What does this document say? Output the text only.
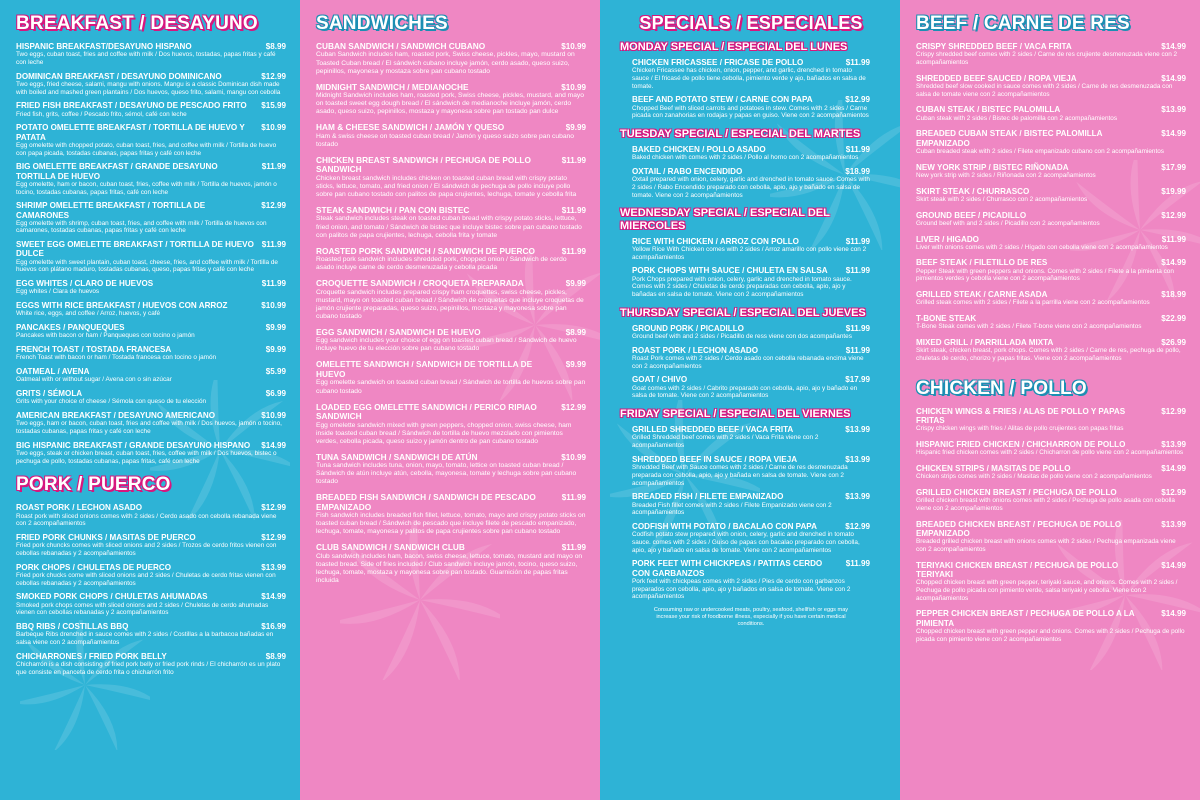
BREAKFAST / DESAYUNO
HISPANIC BREAKFAST/DESAYUNO HISPANO	$8.99
Two eggs, cuban toast, fries and coffee with milk / Dos huevos, tostadas, papas fritas y café con leche
DOMINICAN BREAKFAST / DESAYUNO DOMINICANO	$12.99
Two eggs, fried cheese, salami, mangu with onions. Mangu is a classic Dominican dish made with boiled and mashed green plantains / Dos huevos, queso frito, salami, mangu con cebolla
FRIED FISH BREAKFAST / DESAYUNO DE PESCADO FRITO	$15.99
Fried fish, grits, coffee / Pescado frito, sémol, café con leche
POTATO OMELETTE BREAKFAST / TORTILLA DE HUEVO Y PATATA
$10.99
Egg omelette with chopped potato, cuban toast, fries, and coffee with milk / Tortilla de huevo con papa picada, tostadas cubanas, papas fritas y café con leche
BIG OMELETTE BREAKFAST / GRANDE DESAYUNO TORTILLA DE HUEVO
$11.99
Egg omelette, ham or bacon, cuban toast, fries, coffee with milk / Tortilla de huevos, jamón o tocino, tostadas cubanas, papas fritas, café con leche
SHRIMP OMELETTE BREAKFAST / TORTILLA DE CAMARONES
$12.99
Egg omelette with shrimp, cuban toast, fries, and coffee with milk / Tortilla de huevos con camarones, tostadas cubanas, papas fritas y café con leche
SWEET EGG OMELETTE BREAKFAST / TORTILLA DE HUEVO DULCE
$11.99
Egg omelette with sweet plantain, cuban toast, cheese, fries, and coffee with milk / Tortilla de huevos con plátano maduro, tostadas cubanas, queso, papas fritas y café con leche
EGG WHITES / CLARO DE HUEVOS	$11.99
Egg whites / Clara de huevos
EGGS WITH RICE BREAKFAST / HUEVOS CON ARROZ	$10.99
White rice, eggs, and coffee / Arroz, huevos, y café
PANCAKES / PANQUEQUES	$9.99
Pancakes with bacon or ham / Panqueques con tocino o jamón
FRENCH TOAST / TOSTADA FRANCESA	$9.99
French Toast with bacon or ham / Tostada francesa con tocino o jamón
OATMEAL / AVENA	$5.99
Oatmeal with or without sugar / Avena con o sin azúcar
GRITS / SÉMOLA	$6.99
Grits with your choice of cheese / Sémola con queso de tu elección
AMERICAN BREAKFAST / DESAYUNO AMERICANO	$10.99
Two eggs, ham or bacon, cuban toast, fries and coffee with milk / Dos huevos, jamón o tocino, tostadas cubanas, papas fritas y café con leche
BIG HISPANIC BREAKFAST / GRANDE DESAYUNO HISPANO	$14.99
Two eggs, steak or chicken breast, cuban toast, fries, coffee with milk / Dos huevos, bistec o pechuga de pollo, tostadas cubanas, papas fritas, café con leche
PORK / PUERCO
ROAST PORK / LECHON ASADO	$12.99
Roast pork with sliced onions comes with 2 sides / Cerdo asado con cebolla rebanada viene con 2 acompañamientos
FRIED PORK CHUNKS / MASITAS DE PUERCO	$12.99
Fried pork chuncks comes with sliced onions and 2 sides / Trozos de cerdo fritos vienen con cebollas rebanadas y 2 acompañamientos
PORK CHOPS / CHULETAS DE PUERCO	$13.99
Fried pork chucks come with sliced onions and 2 sides / Chuletas de cerdo fritas vienen con cebollas rebanadas y 2 acompañamientos
SMOKED PORK CHOPS / CHULETAS AHUMADAS	$14.99
Smoked pork chops comes with sliced onions and 2 sides / Chuletas de cerdo ahumadas vienen con cebollas rebanadas y 2 acompañamientos
BBQ RIBS / COSTILLAS BBQ	$16.99
Barbeque Ribs drenched in sauce comes with 2 sides / Costillas a la barbacoa bañadas en salsa viene con 2 acompañamientos
CHICHARRONES / FRIED PORK BELLY	$8.99
Chicharrón is a dish consisting of fried pork belly or fried pork rinds / El chicharrón es un plato que consiste en panceta de cerdo frita o chicharrón frito
SANDWICHES
CUBAN SANDWICH / SANDWICH CUBANO	$10.99
Cuban Sandwich includes ham, roasted pork, Swiss cheese, pickles, mayo, mustard on Toasted Cuban bread / El sándwich cubano incluye jamón, cerdo asado, queso suizo, pepinillos, mayonesa y mostaza sobre pan cubano tostado
MIDNIGHT SANDWICH / MEDIANOCHE	$10.99
Midnight Sandwich includes ham, roasted pork, Swiss cheese, pickles, mustard, and mayo on toasted sweet egg dough bread / El sándwich de medianoche incluye jamón, cerdo asado, queso suizo, pepinillos, mostaza y mayonesa sobre pan tostado pan dulce
HAM & CHEESE SANDWICH / JAMÓN Y QUESO	$9.99
Ham & swiss cheese on toasted cuban bread / Jamón y queso suizo sobre pan cubano tostado
CHICKEN BREAST SANDWICH / PECHUGA DE POLLO SANDWICH
$11.99
Chicken breast sandwich includes chicken on toasted cuban bread with crispy potato sticks, lettuce, tomato, and fried onion / El sándwich de pechuga de pollo incluye pollo sobre pan cubano tostado con palitos de papa crujientes, lechuga, tomate y cebolla frita
STEAK SANDWICH / PAN CON BISTEC	$11.99
Steak sandwich includes steak on toasted cuban bread with crispy potato sticks, lettuce, fried onion, and tomato / Sándwich de bistec que incluye bistec sobre pan cubano tostado con palitos de papa crujientes, lechuga, cebolla frita y tomate
ROASTED PORK SANDWICH / SANDWICH DE PUERCO	$11.99
Roasted pork sandwich includes shredded pork, chopped onion / Sándwich de cerdo asado incluye carne de cerdo desmenuzada y cebolla picada
CROQUETTE SANDWICH / CROQUETA PREPARADA	$9.99
Croquette sandwich includes prepared crispy ham croquettes, swiss cheese, pickles, mustard, mayo on toasted cuban bread / Sándwich de croquetas que incluye croquetas de jamón crujiente preparadas, queso suizo, pepinillos, mostaza y mayonesa sobre pan cubano tostado
EGG SANDWICH / SANDWICH DE HUEVO	$8.99
Egg sandwich includes your choice of egg on toasted cuban bread / Sándwich de huevo incluye huevo de tu elección sobre pan cubano tostado
OMELETTE SANDWICH / SANDWICH DE TORTILLA DE HUEVO
$9.99
Egg omelette sandwich on toasted cuban bread / Sándwich de tortilla de huevos sobre pan cubano tostado
LOADED EGG OMELETTE SANDWICH / PERICO RIPIAO SANDWICH
$12.99
Egg omelette sandwich mixed with green peppers, chopped onion, swiss cheese, ham inside toasted cuban bread / Sándwich de tortilla de huevo mezclado con pimientos verdes, cebolla picada, queso suizo y jamón dentro de pan cubano tostado
TUNA SANDWICH / SANDWICH DE ATÚN	$10.99
Tuna sandwich includes tuna, onion, mayo, tomato, lettice on toasted cuban bread / Sándwich de atún incluye atún, cebolla, mayonesa, tomate y lechuga sobre pan cubano tostado
BREADED FISH SANDWICH / SANDWICH DE PESCADO EMPANIZADO
$11.99
Fish sandwich includes breaded fish fillet, lettuce, tomato, mayo and crispy potato sticks on toasted cuban bread / Sándwich de pescado que incluye filete de pescado empanizado, lechuga, tomate, mayonesa y palitos de papa crujientes sobre pan cubano tostado
CLUB SANDWICH / SANDWICH CLUB	$11.99
Club sandwich includes ham, bacon, swiss cheese, lettuce, tomato, mustard and mayo on toasted bread. Side of fries included / Club sandwich incluye jamón, tocino, queso suizo, lechuga, tomate, mostaza y mayonesa sobre pan tostado. Guarnición de papas fritas incluida
SPECIALS / ESPECIALES
MONDAY SPECIAL / ESPECIAL DEL LUNES
CHICKEN FRICASSEE / FRICASE DE POLLO	$11.99
Chicken Fricassee has chicken, onion, pepper, and garlic, drenched in tomato sauce / El fricasé de pollo tiene cebolla, pimiento verde y ajo, bañados en salsa de tomate.
BEEF AND POTATO STEW / CARNE CON PAPA	$12.99
Chopped Beef with sliced carrots and potatoes in stew. Comes with 2 sides / Carne picada con zanahorias en rodajas y papas en guiso. Viene con 2 acompañamientos
TUESDAY SPECIAL / ESPECIAL DEL MARTES
BAKED CHICKEN / POLLO ASADO	$11.99
Baked chicken with comes with 2 sides / Pollo al horno con 2 acompañamientos
OXTAIL / RABO ENCENDIDO	$18.99
Oxtail prepared with onion, celery, garlic and drenched in tomato sauce. Comes with 2 sides / Rabo Encendido preparado con cebolla, apio, ajo y bañado en salsa de tomate. Viene con 2 acompañamientos
WEDNESDAY SPECIAL / ESPECIAL DEL MIERCOLES
RICE WITH CHICKEN / ARROZ CON POLLO	$11.99
Yellow Rice With Chicken comes with 2 sides / Arroz amarillo con pollo viene con 2 acompañamientos
PORK CHOPS WITH SAUCE / CHULETA EN SALSA	$11.99
Pork Chops prepared with onion, celery, garlic and drenched in tomato sauce. Comes with 2 sides / Chuletas de cerdo preparadas con cebolla, apio, ajo y bañadas en salsa de tomate. Viene con 2 acompañamientos
THURSDAY SPECIAL / ESPECIAL DEL JUEVES
GROUND PORK / PICADILLO	$11.99
Ground beef with and 2 sides / Picadillo de ress viene con dos acompañantes
ROAST PORK / LECHON ASADO	$11.99
Roast Pork comes with 2 sides / Cerdo asado con cebolla rebanada encima viene con 2 acompañamientos
GOAT / CHIVO	$17.99
Goat comes with 2 sides / Cabrito preparado con cebolla, apio, ajo y bañado en salsa de tomate. Viene con 2 acompañamientos
FRIDAY SPECIAL / ESPECIAL DEL VIERNES
GRILLED SHREDDED BEEF / VACA FRITA	$13.99
Grilled Shredded beef comes with 2 sides / Vaca Frita viene con 2 acompañamientos
SHREDDED BEEF IN SAUCE / ROPA VIEJA	$13.99
Shredded Beef with Sauce comes with 2 sides / Carne de res desmenuzada preparada con cebolla, apio, ajo y bañada en salsa de tomate. Viene con 2 acompañamientos
BREADED FISH / FILETE EMPANIZADO	$13.99
Breaded Fish fillet comes with 2 sides / Filete Empanizado viene con 2 acompañamientos
CODFISH WITH POTATO / BACALAO CON PAPA	$12.99
Codfish potato stew prepared with onion, celery, garlic and drenched in tomato sauce. comes with 2 sides / Guiso de papas con bacalao preparado con cebolla, apio, ajo y bañado en salsa de tomate. Viene con 2 acompañamientos
PORK FEET WITH CHICKPEAS / PATITAS CERDO CON GARBANZOS
$11.99
Pork feet with chickpeas comes with 2 sides / Pies de cerdo con garbanzos preparados con cebolla, apio, ajo y bañados en salsa de tomate. Viene con 2 acompañamientos
Consuming raw or undercooked meats, poultry, seafood, shellfish or eggs may increase your risk of foodborne illness, especially if you have certain medical conditions.
BEEF / CARNE DE RES
CRISPY SHREDDED BEEF / VACA FRITA	$14.99
Crispy shredded beef comes with 2 sides / Carne de res crujiente desmenuzada viene con 2 acompañamientos
SHREDDED BEEF SAUCED / ROPA VIEJA	$14.99
Shredded beef slow cooked in sauce comes with 2 sides / Carne de res desmenuzada con salsa de tomate viene con 2 acompañamientos
CUBAN STEAK / BISTEC PALOMILLA	$13.99
Cuban steak with 2 sides / Bistec de palomilla con 2 acompañamientos
BREADED CUBAN STEAK / BISTEC PALOMILLA EMPANIZADO
$14.99
Cuban breaded steak with 2 sides / Filete empanizado cubano con 2 acompañamientos
NEW YORK STRIP / BISTEC RIÑONADA	$17.99
New york strip with 2 sides / Riñonada con 2 acompañamientos
SKIRT STEAK / CHURRASCO	$19.99
Skirt steak with 2 sides / Churrasco con 2 acompañamientos
GROUND BEEF / PICADILLO	$12.99
Ground beef with and 2 sides / Picadillo con 2 acompañamientos
LIVER / HIGADO	$11.99
Liver with onions comes with 2 sides / Hígado con cebolla viene con 2 acompañamientos
BEEF STEAK / FILETILLO DE RES	$14.99
Pepper Steak with green peppers and onions. Comes with 2 sides / Filete a la pimienta con pimientos verdes y cebolla viene con 2 acompañamientos
GRILLED STEAK / CARNE ASADA	$18.99
Grilled steak comes with 2 sides / Filete a la parrilla viene con 2 acompañamientos
T-BONE STEAK	$22.99
T-Bone Steak comes with 2 sides / Filete T-bone viene con 2 acompañamientos
MIXED GRILL / PARRILLADA MIXTA	$26.99
Skirt steak, chicken breast, pork chops. Comes with 2 sides / Carne de res, pechuga de pollo, chuletas de cerdo, chorizo y papas fritas. Viene con 2 acompañamientos
CHICKEN / POLLO
CHICKEN WINGS & FRIES / ALAS DE POLLO Y PAPAS FRITAS
$12.99
Crispy chicken wings with fries / Alitas de pollo crujientes con papas fritas
HISPANIC FRIED CHICKEN / CHICHARRON DE POLLO	$13.99
Hispanic fried chicken comes with 2 sides / Chicharron de pollo viene con 2 acompañamientos
CHICKEN STRIPS / MASITAS DE POLLO	$14.99
Chicken strips comes with 2 sides / Masitas de pollo viene con 2 acompañamientos
GRILLED CHICKEN BREAST / PECHUGA DE POLLO	$12.99
Grilled chicken breast with onions comes with 2 sides / Pechuga de pollo asada con cebolla viene con 2 acompañamientos
BREADED CHICKEN BREAST / PECHUGA DE POLLO EMPANIZADO
$13.99
Breaded grilled chicken breast with onions comes with 2 sides / Pechuga empanizada viene con 2 acompañamientos
TERIYAKI CHICKEN BREAST / PECHUGA DE POLLO TERIYAKI
$14.99
Chopped chicken breast with green pepper, teriyaki sauce, and onions. Comes with 2 sides / Pechuga de pollo picada con pimiento verde, salsa teriyaki y cebolla. Viene con 2 acompañamientos
PEPPER CHICKEN BREAST / PECHUGA DE POLLO A LA PIMIENTA
$14.99
Chopped chicken breast with green pepper and onions. Comes with 2 sides / Pechuga de pollo picada con pimiento viene con 2 acompañamientos
